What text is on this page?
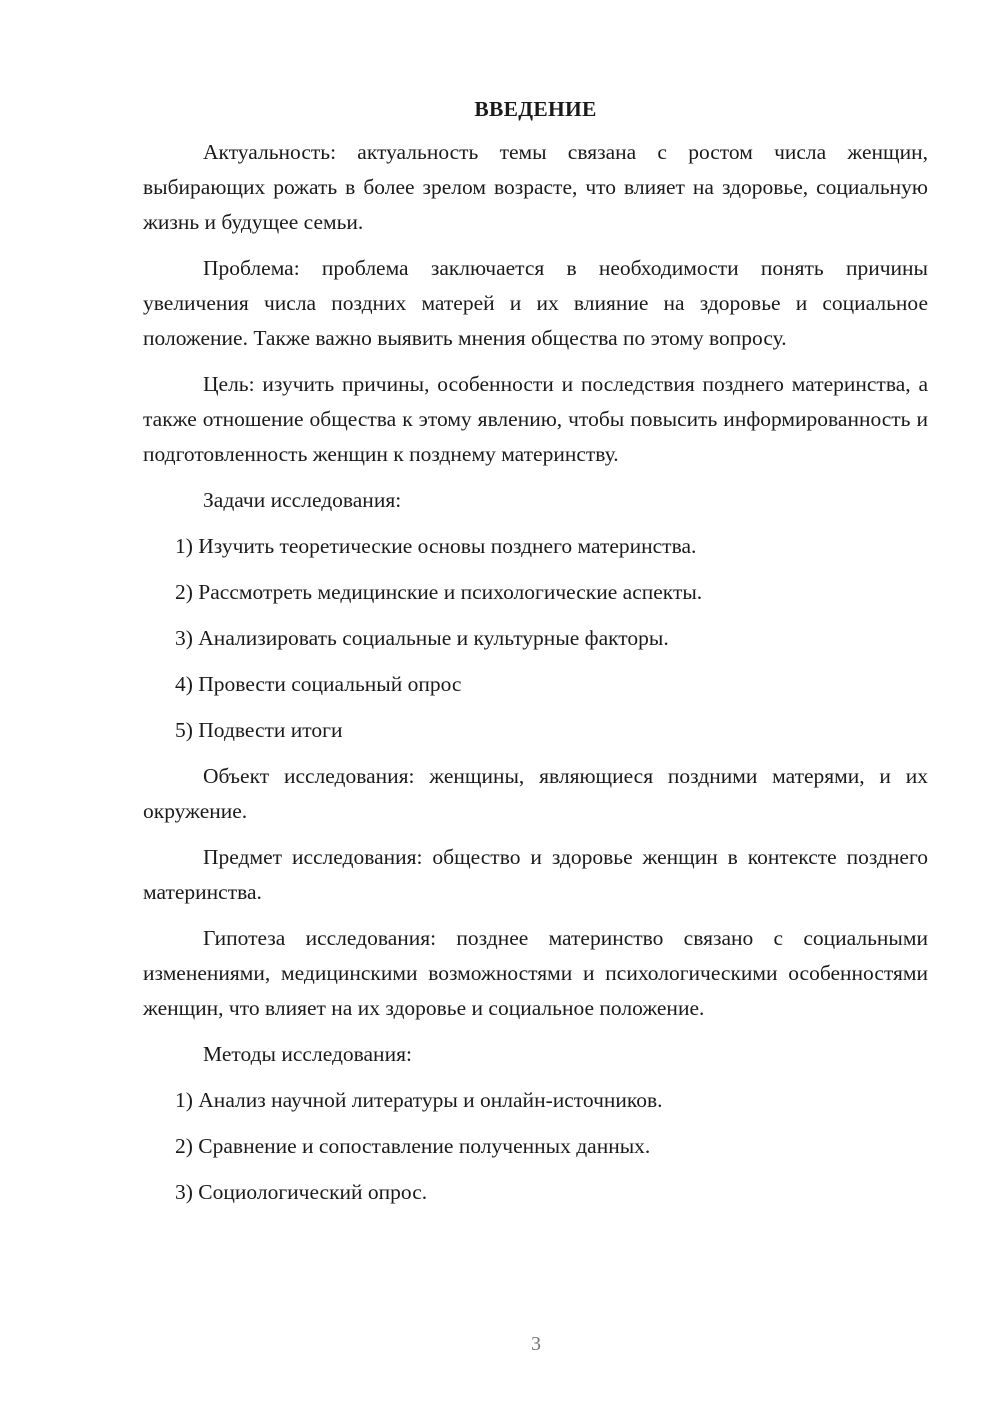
ВВЕДЕНИЕ

Актуальность: актуальность темы связана с ростом числа женщин, выбирающих рожать в более зрелом возрасте, что влияет на здоровье, социальную жизнь и будущее семьи.

Проблема: проблема заключается в необходимости понять причины увеличения числа поздних матерей и их влияние на здоровье и социальное положение. Также важно выявить мнения общества по этому вопросу.

Цель: изучить причины, особенности и последствия позднего материнства, а также отношение общества к этому явлению, чтобы повысить информированность и подготовленность женщин к позднему материнству.

Задачи исследования:

1) Изучить теоретические основы позднего материнства.

2) Рассмотреть медицинские и психологические аспекты.

3) Анализировать социальные и культурные факторы.

4) Провести социальный опрос

5) Подвести итоги

Объект исследования: женщины, являющиеся поздними матерями, и их окружение.

Предмет исследования: общество и здоровье женщин в контексте позднего материнства.

Гипотеза исследования: позднее материнство связано с социальными изменениями, медицинскими возможностями и психологическими особенностями женщин, что влияет на их здоровье и социальное положение.

Методы исследования:

1) Анализ научной литературы и онлайн-источников.

2) Сравнение и сопоставление полученных данных.

3) Социологический опрос.

3
